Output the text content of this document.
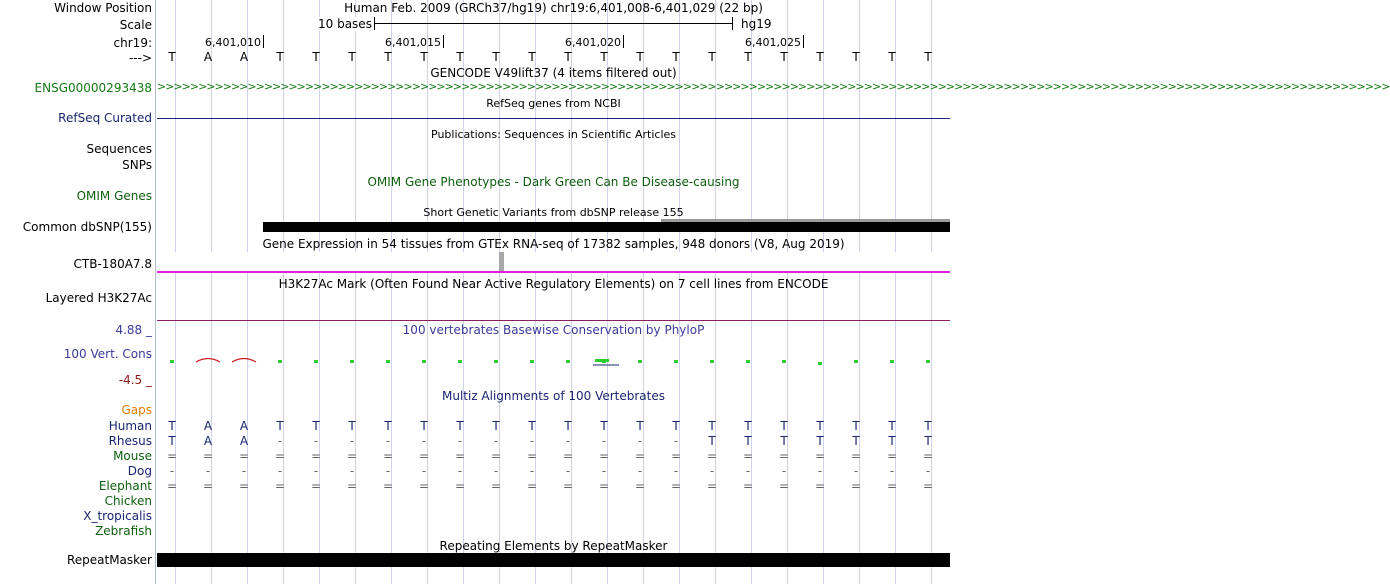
Window Position	Human Feb. 2009 (GRCh37/hg19) chr19:6,401,008-6,401,029 (22 bp)
Scale	10 bases	hg19
chr19:	6,401,010	6,401,015	6,401,020	6,401,025
--->
GENCODE V49lift37 (4 items filtered out)
ENSG00000293438 >>>>>>>>>>>>>>>>>>>>>>>>>>>>>>>>>>>>>>>>>>>>>>>>>>>>>>>>>>>>>>>>>>>>>>>>>>>>>>>>>>>>>>>>>>>>>>>>>>>>>>>>>>>>>>>>>>>>>>>>>>>>>>>>>>>>>>>>>>>>>>>>>>>>>>
RefSeq genes from NCBI
RefSeq Curated
Publications: Sequences in Scientific Articles
Sequences
SNPs
OMIM Gene Phenotypes - Dark Green Can Be Disease-causing
OMIM Genes
Short Genetic Variants from dbSNP release 155
Common dbSNP(155)
Gene Expression in 54 tissues from GTEx RNA-seq of 17382 samples, 948 donors (V8, Aug 2019)
CTB-180A7.8
H3K27Ac Mark (Often Found Near Active Regulatory Elements) on 7 cell lines from ENCODE
Layered H3K27Ac
100 vertebrates Basewise Conservation by PhyloP
4.88 _
100 Vert. Cons
-4.5 _
Multiz Alignments of 100 Vertebrates
Gaps
Repeating Elements by RepeatMasker
RepeatMasker
T	A	A	T	T	T	T	T	T	T	T	T	T	T	T	T	T	T	T	T	T	T
Human	T	A	A	T	T	T	T	T	T	T	T	T	T	T	T	T	T	T	T	T	T	T
Rhesus	T	A	A	-	-	-	-	-	-	-	-	-	-	-	-	T	T	T	T	T	T	T
Mouse	=	=	=	=	=	=	=	=	=	=	=	=	=	=	=	=	=	=	=	=	=	=
Dog	-	-	-	-	-	-	-	-	-	-	-	-	-	-	-	-	-	-	-	-	-	-
Elephant	=	=	=	=	=	=	=	=	=	=	=	=	=	=	=	=	=	=	=	=	=	=
Chicken
X_tropicalis
Zebrafish
